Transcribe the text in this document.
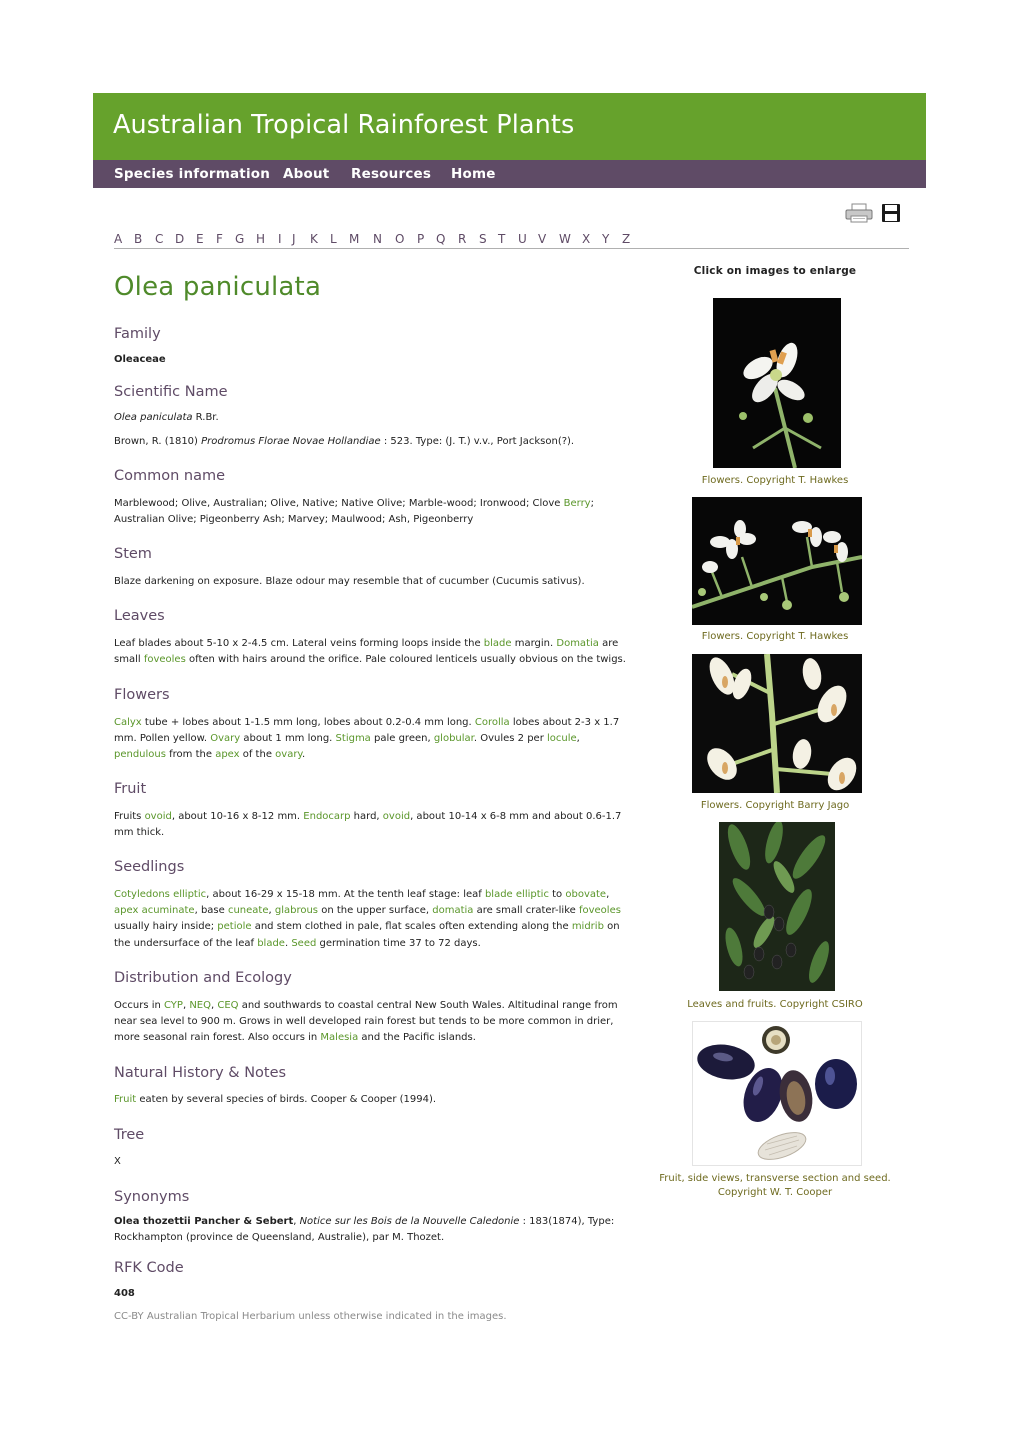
Australian Tropical Rainforest Plants
Species information About Resources Home
A B C D E F G H I J K L M N O P Q R S T U V W X Y Z
Olea paniculata
Family
Oleaceae
Scientific Name
Olea paniculata R.Br.
Brown, R. (1810) Prodromus Florae Novae Hollandiae : 523. Type: (J. T.) v.v., Port Jackson(?).
Common name
Marblewood; Olive, Australian; Olive, Native; Native Olive; Marble-wood; Ironwood; Clove Berry; Australian Olive; Pigeonberry Ash; Marvey; Maulwood; Ash, Pigeonberry
Stem
Blaze darkening on exposure. Blaze odour may resemble that of cucumber (Cucumis sativus).
Leaves
Leaf blades about 5-10 x 2-4.5 cm. Lateral veins forming loops inside the blade margin. Domatia are small foveoles often with hairs around the orifice. Pale coloured lenticels usually obvious on the twigs.
Flowers
Calyx tube + lobes about 1-1.5 mm long, lobes about 0.2-0.4 mm long. Corolla lobes about 2-3 x 1.7 mm. Pollen yellow. Ovary about 1 mm long. Stigma pale green, globular. Ovules 2 per locule, pendulous from the apex of the ovary.
Fruit
Fruits ovoid, about 10-16 x 8-12 mm. Endocarp hard, ovoid, about 10-14 x 6-8 mm and about 0.6-1.7 mm thick.
Seedlings
Cotyledons elliptic, about 16-29 x 15-18 mm. At the tenth leaf stage: leaf blade elliptic to obovate, apex acuminate, base cuneate, glabrous on the upper surface, domatia are small crater-like foveoles usually hairy inside; petiole and stem clothed in pale, flat scales often extending along the midrib on the undersurface of the leaf blade. Seed germination time 37 to 72 days.
Distribution and Ecology
Occurs in CYP, NEQ, CEQ and southwards to coastal central New South Wales. Altitudinal range from near sea level to 900 m. Grows in well developed rain forest but tends to be more common in drier, more seasonal rain forest. Also occurs in Malesia and the Pacific islands.
Natural History & Notes
Fruit eaten by several species of birds. Cooper & Cooper (1994).
Tree
X
Synonyms
Olea thozettii Pancher & Sebert, Notice sur les Bois de la Nouvelle Caledonie : 183(1874), Type: Rockhampton (province de Queensland, Australie), par M. Thozet.
RFK Code
408
CC-BY Australian Tropical Herbarium unless otherwise indicated in the images.
Click on images to enlarge
Flowers. Copyright T. Hawkes
Flowers. Copyright T. Hawkes
Flowers. Copyright Barry Jago
Leaves and fruits. Copyright CSIRO
Fruit, side views, transverse section and seed. Copyright W. T. Cooper
